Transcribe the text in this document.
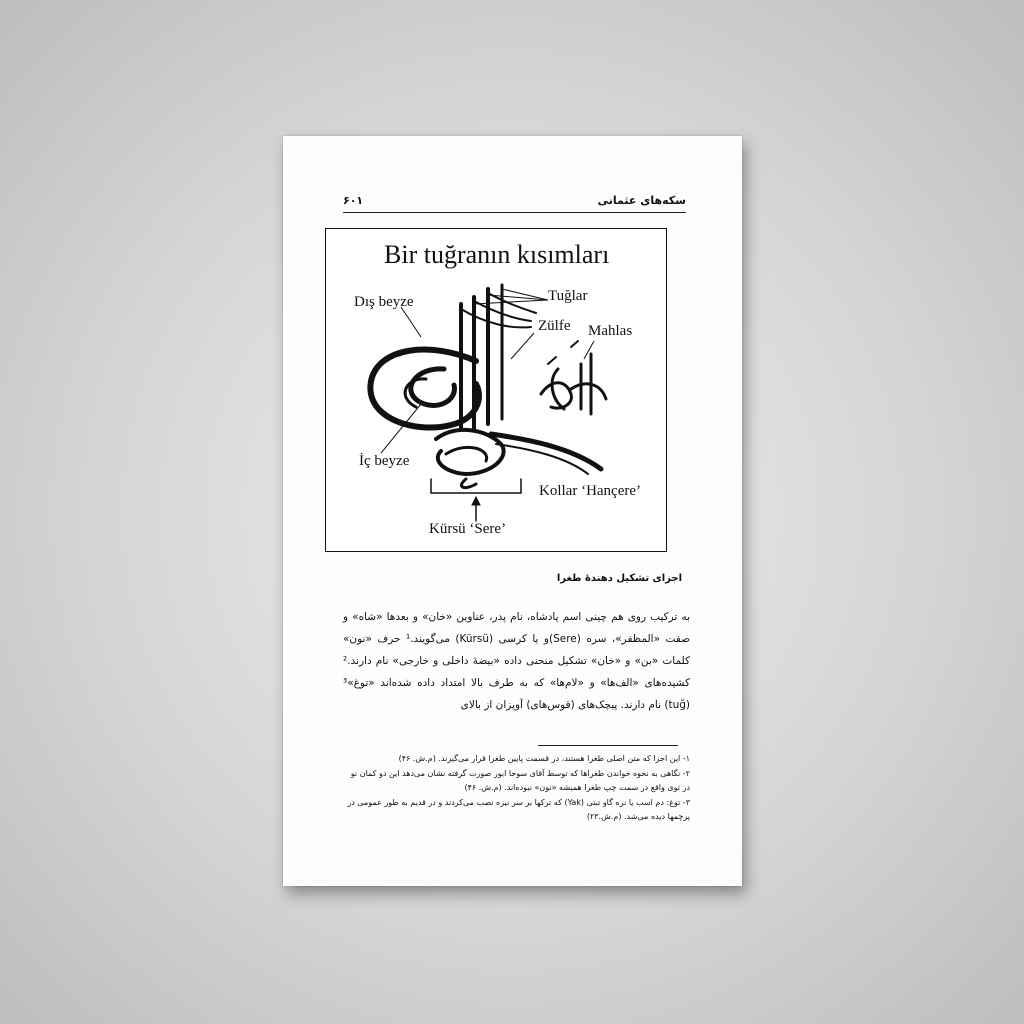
۶۰۱	سکه‌های عثمانی
Bir tuğranın kısımları
Dış beyze	Tuğlar
Zülfe Mahlas
İç beyze
Kollar ‘Hançere’
Kürsü ‘Sere’
اجزای تشکیل دهندهٔ طغرا

به ترکیب روی هم چینی اسم پادشاه، نام پدر، عناوین «خان» و بعدها «شاه» و صفت «المظفر»، سره (Sere)و یا کرسی (Kürsü) می‌گویند.¹ حرف «نون» کلمات «بن» و «خان» تشکیل منحنی داده «بیضهٔ داخلی و خارجی» نام دارند.² کشیده‌های «الف‌ها» و «لام‌ها» که به طرف بالا امتداد داده شده‌اند «توغ»³ (tuğ) نام دارند. پیچک‌های (قوس‌های) آویزان از بالای

۱- این اجزا که متن اصلی طغرا هستند، در قسمت پایین طغرا قرار می‌گیرند. (م.ش. ۴۶)

۲- نگاهی به نحوه خواندن طغراها که توسط آقای سوحا ابور صورت گرفته نشان می‌دهد این دو کمان نو در توی واقع در سمت چپ طغرا همیشه «نون» نبوده‌اند. (م.ش. ۴۶)

۳- توغ: دم اسب یا نره گاو تبتی (Yak) که ترکها بر سر نیزه نصب می‌کردند و در قدیم به طور عمومی در پرچمها دیده می‌شد. (م.ش.۲۳)
